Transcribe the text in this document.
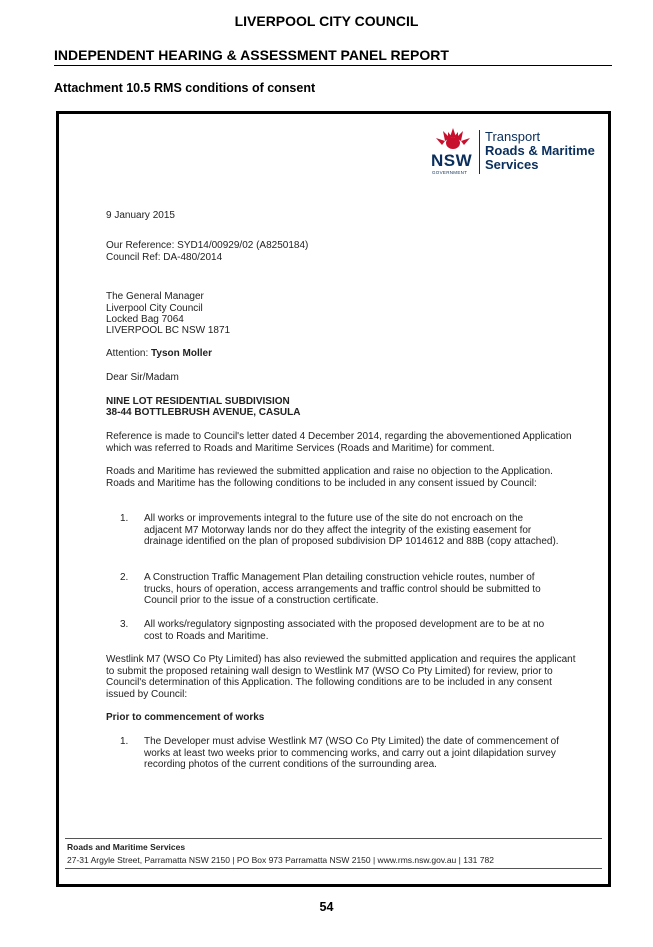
LIVERPOOL CITY COUNCIL
INDEPENDENT HEARING & ASSESSMENT PANEL REPORT
Attachment 10.5 RMS conditions of consent
NSW
GOVERNMENT
Transport
Roads & Maritime
Services
9 January 2015
Our Reference: SYD14/00929/02 (A8250184)
Council Ref: DA-480/2014
The General Manager
Liverpool City Council
Locked Bag 7064
LIVERPOOL BC NSW 1871
Attention: Tyson Moller
Dear Sir/Madam
NINE LOT RESIDENTIAL SUBDIVISION
38-44 BOTTLEBRUSH AVENUE, CASULA
Reference is made to Council's letter dated 4 December 2014, regarding the abovementioned Application which was referred to Roads and Maritime Services (Roads and Maritime) for comment.
Roads and Maritime has reviewed the submitted application and raise no objection to the Application. Roads and Maritime has the following conditions to be included in any consent issued by Council:
1.	All works or improvements integral to the future use of the site do not encroach on the adjacent M7 Motorway lands nor do they affect the integrity of the existing easement for drainage identified on the plan of proposed subdivision DP 1014612 and 88B (copy attached).
2.	A Construction Traffic Management Plan detailing construction vehicle routes, number of trucks, hours of operation, access arrangements and traffic control should be submitted to Council prior to the issue of a construction certificate.
3.	All works/regulatory signposting associated with the proposed development are to be at no cost to Roads and Maritime.
Westlink M7 (WSO Co Pty Limited) has also reviewed the submitted application and requires the applicant to submit the proposed retaining wall design to Westlink M7 (WSO Co Pty Limited) for review, prior to Council's determination of this Application. The following conditions are to be included in any consent issued by Council:
Prior to commencement of works
1.	The Developer must advise Westlink M7 (WSO Co Pty Limited) the date of commencement of works at least two weeks prior to commencing works, and carry out a joint dilapidation survey recording photos of the current conditions of the surrounding area.
Roads and Maritime Services
27-31 Argyle Street, Parramatta NSW 2150 | PO Box 973 Parramatta NSW 2150 | www.rms.nsw.gov.au | 131 782
54
